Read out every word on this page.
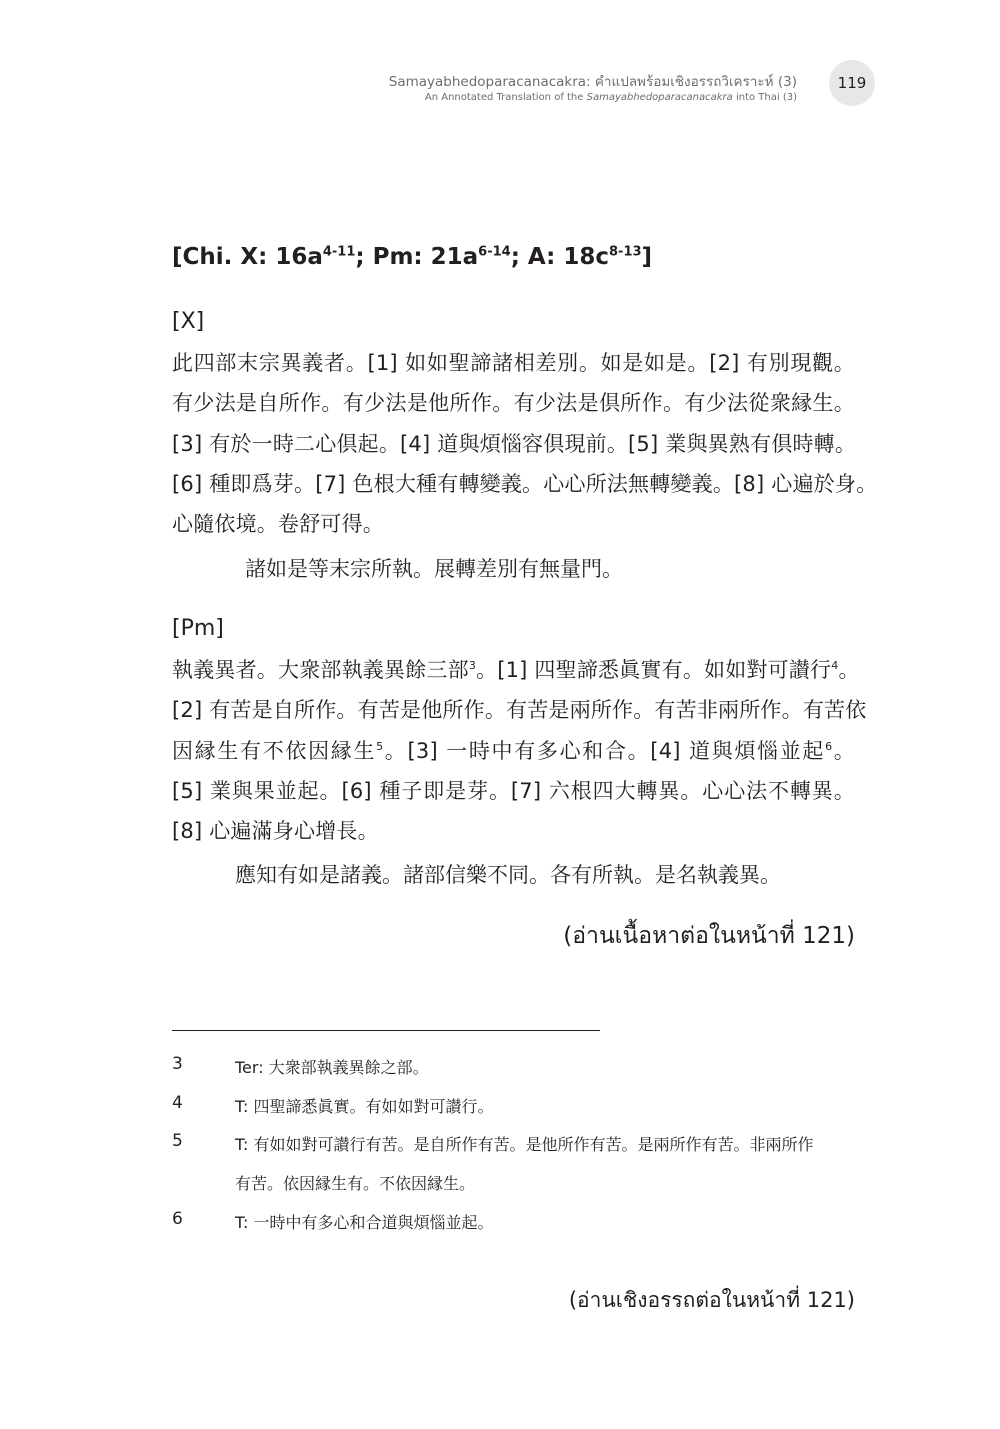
Samayabhedoparacanacakra: คำแปลพร้อมเชิงอรรถวิเคราะห์ (3)
An Annotated Translation of the Samayabhedoparacanacakra into Thai (3)
119
[Chi. X: $16a^{4-11}$; Pm: $21a^{6-14}$; A: $18c^{8-13}$]
[X]
此四部末宗異義者。[1] 如如聖諦諸相差別。如是如是。[2] 有別現觀。
有少法是自所作。有少法是他所作。有少法是倶所作。有少法從衆縁生。
[3] 有於一時二心倶起。[4] 道與煩惱容倶現前。[5] 業與異熟有倶時轉。
[6] 種即爲芽。[7] 色根大種有轉變義。心心所法無轉變義。[8] 心遍於身。
心隨依境。卷舒可得。
諸如是等末宗所執。展轉差別有無量門。
[Pm]
執義異者。大衆部執義異餘三部$^3$。[1] 四聖諦悉眞實有。如如對可讃行$^4$。
[2] 有苦是自所作。有苦是他所作。有苦是兩所作。有苦非兩所作。有苦依
因縁生有不依因縁生$^5$。[3] 一時中有多心和合。[4] 道與煩惱並起$^6$。
[5] 業與果並起。[6] 種子即是芽。[7] 六根四大轉異。心心法不轉異。
[8] 心遍滿身心增長。
應知有如是諸義。諸部信樂不同。各有所執。是名執義異。
(อ่านเนื้อหาต่อในหน้าที่ 121)
3	Ter: 大衆部執義異餘之部。
4	T: 四聖諦悉眞實。有如如對可讃行。
5	T: 有如如對可讃行有苦。是自所作有苦。是他所作有苦。是兩所作有苦。非兩所作
有苦。依因縁生有。不依因縁生。
6	T: 一時中有多心和合道與煩惱並起。
(อ่านเชิงอรรถต่อในหน้าที่ 121)
